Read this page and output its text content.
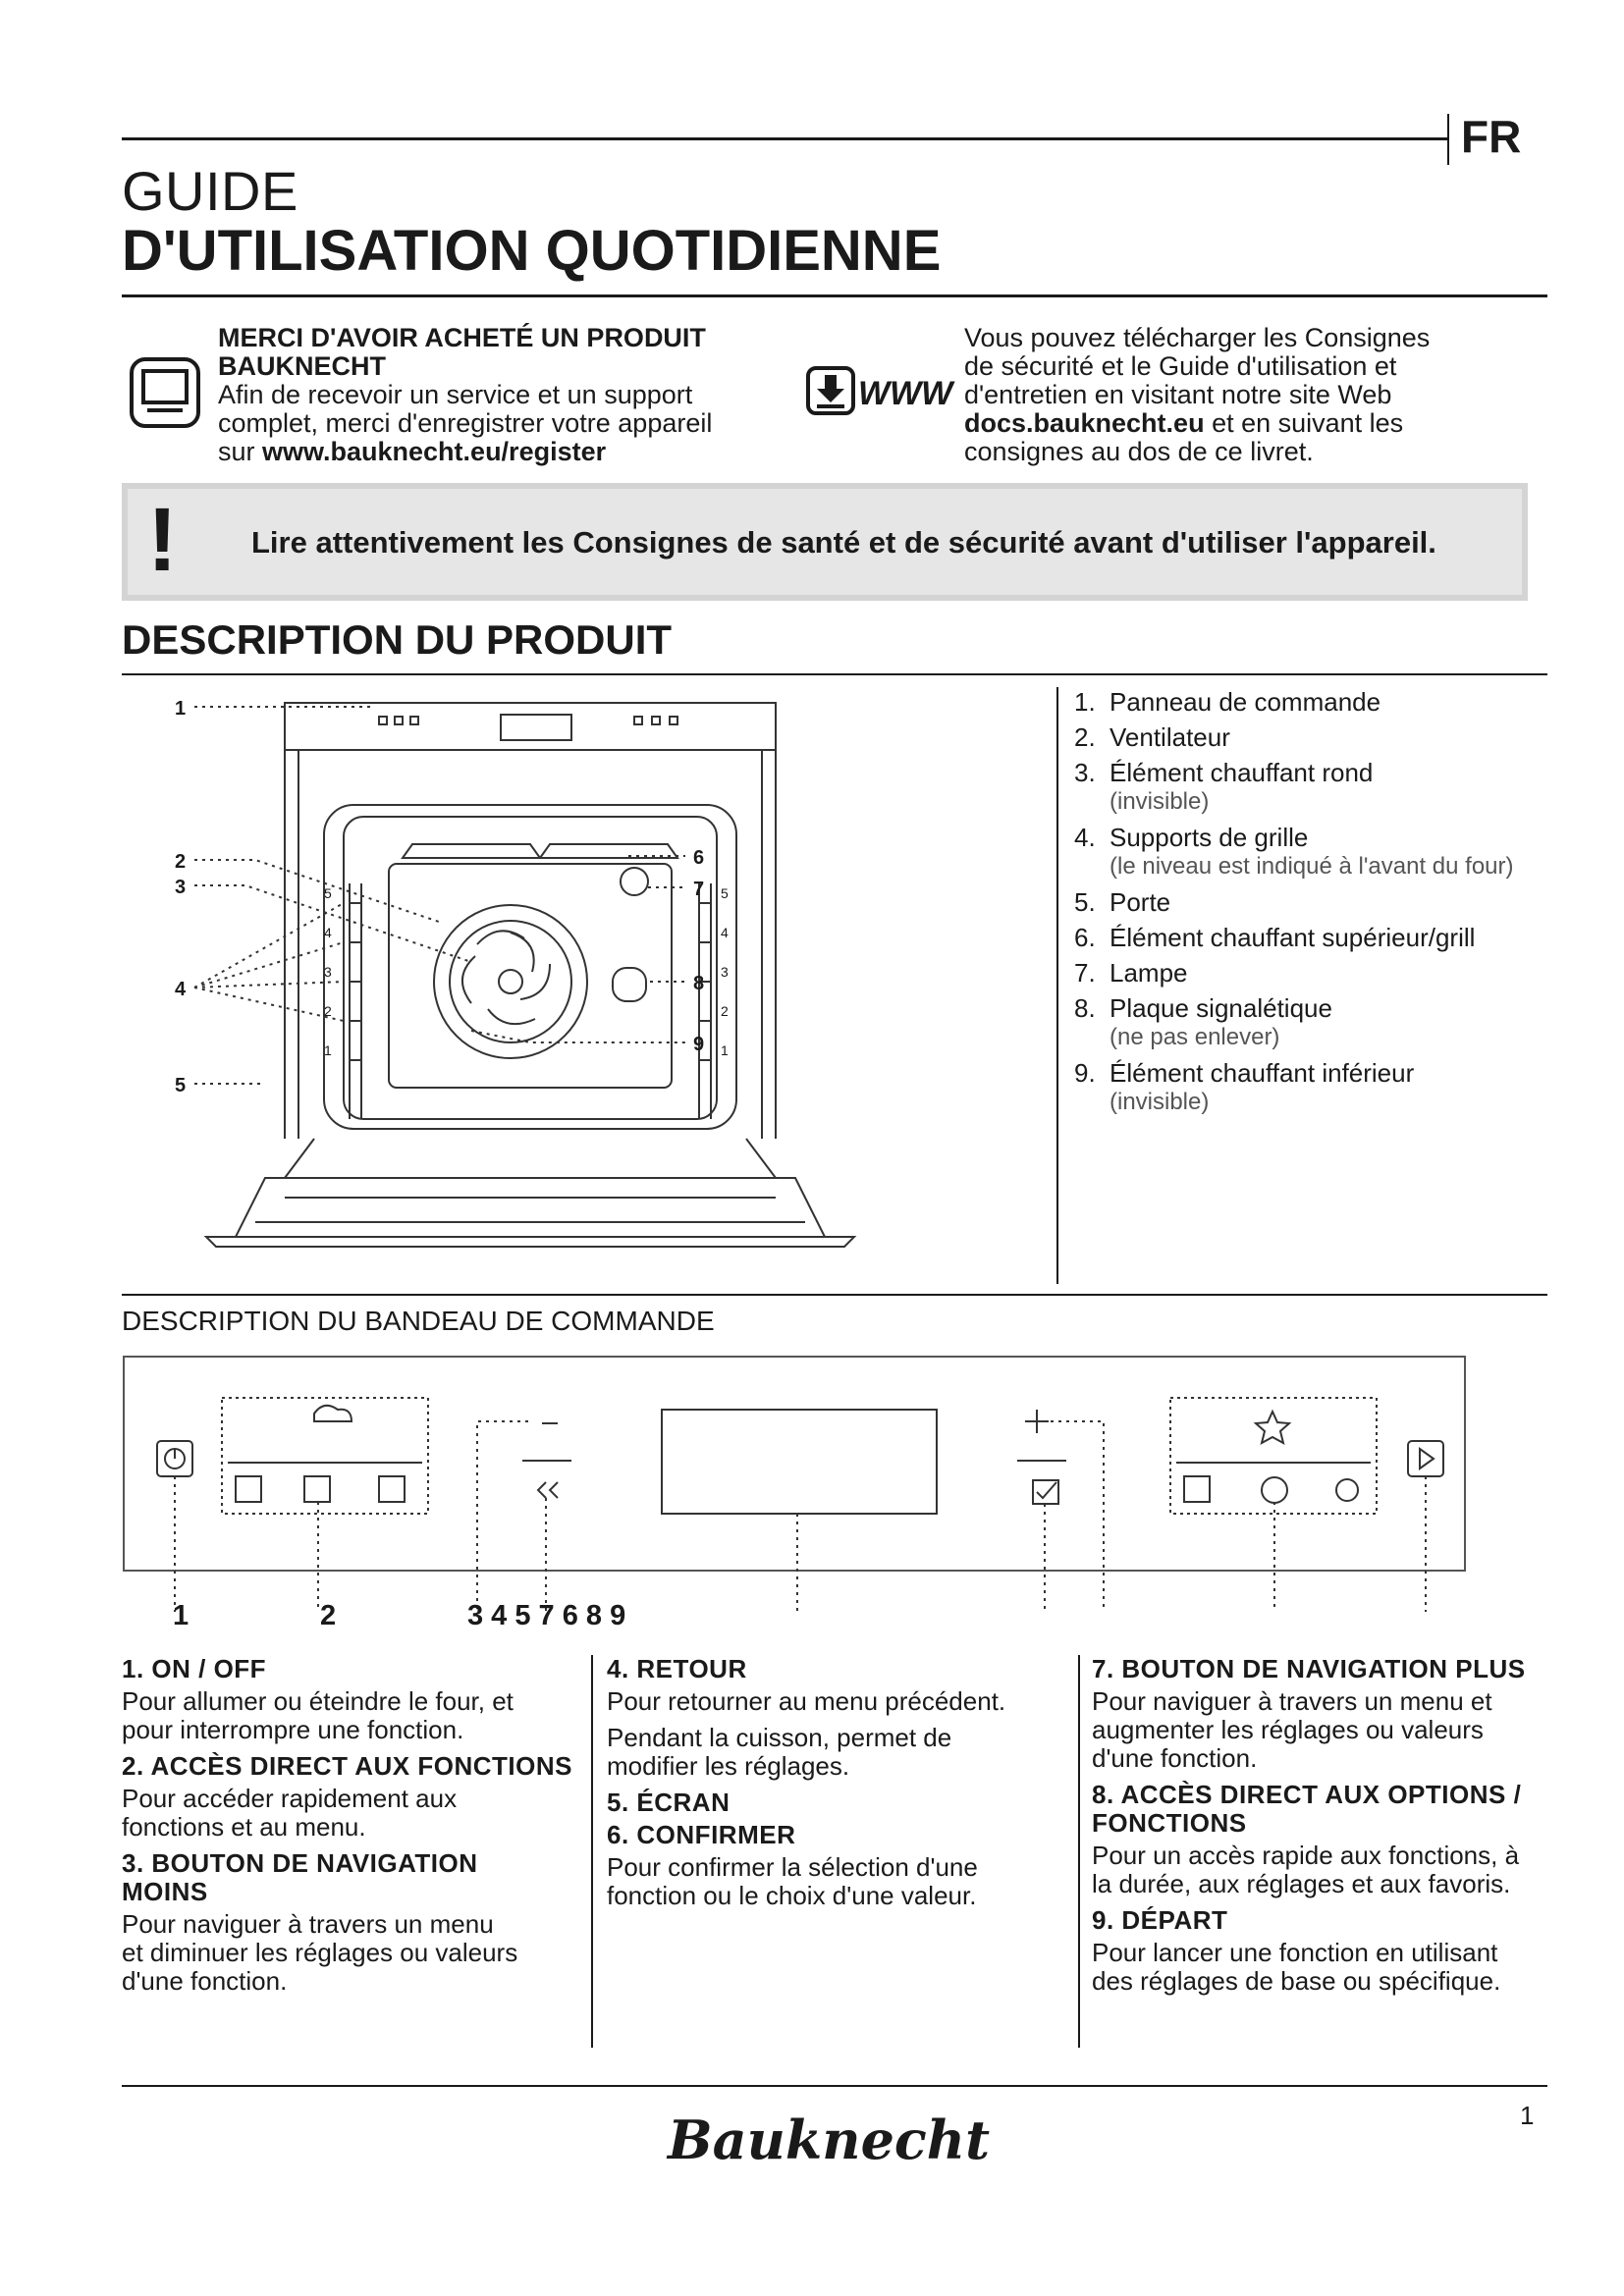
FR
GUIDE
D'UTILISATION QUOTIDIENNE
MERCI D'AVOIR ACHETÉ UN PRODUIT
BAUKNECHT
Afin de recevoir un service et un support
complet, merci d'enregistrer votre appareil
sur www.bauknecht.eu/register
WWW
Vous pouvez télécharger les Consignes
de sécurité et le Guide d'utilisation et
d'entretien en visitant notre site Web
docs.bauknecht.eu et en suivant les
consignes au dos de ce livret.
! Lire attentivement les Consignes de santé et de sécurité avant d'utiliser l'appareil.
DESCRIPTION DU PRODUIT
1
2
3
4
5
6
7
8
9
5
4
3
2
1
5
4
3
2
1
1. Panneau de commande
2. Ventilateur
3. Élément chauffant rond
(invisible)
4. Supports de grille
(le niveau est indiqué à l'avant du four)
5. Porte
6. Élément chauffant supérieur/grill
7. Lampe
8. Plaque signalétique
(ne pas enlever)
9. Élément chauffant inférieur
(invisible)
DESCRIPTION DU BANDEAU DE COMMANDE
1	2	3 4 5 7 6 8 9
1. ON / OFF

Pour allumer ou éteindre le four, et
pour interrompre une fonction.

2. ACCÈS DIRECT AUX FONCTIONS

Pour accéder rapidement aux
fonctions et au menu.

3. BOUTON DE NAVIGATION
MOINS

Pour naviguer à travers un menu
et diminuer les réglages ou valeurs
d'une fonction.

4. RETOUR

Pour retourner au menu précédent.

Pendant la cuisson, permet de
modifier les réglages.

5. ÉCRAN
6. CONFIRMER

Pour confirmer la sélection d'une
fonction ou le choix d'une valeur.

7. BOUTON DE NAVIGATION PLUS

Pour naviguer à travers un menu et
augmenter les réglages ou valeurs
d'une fonction.

8. ACCÈS DIRECT AUX OPTIONS /
FONCTIONS

Pour un accès rapide aux fonctions, à
la durée, aux réglages et aux favoris.

9. DÉPART

Pour lancer une fonction en utilisant
des réglages de base ou spécifique.

1
Bauknecht
